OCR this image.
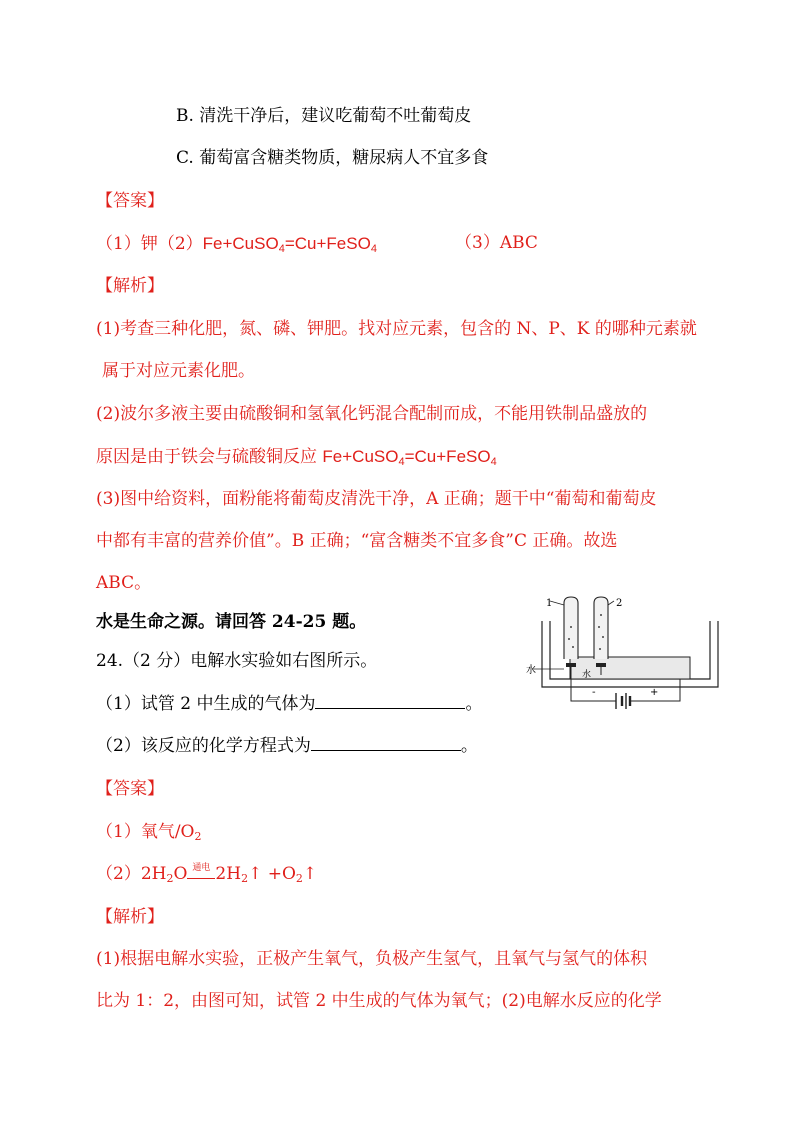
B. 清洗干净后，建议吃葡萄不吐葡萄皮
C. 葡萄富含糖类物质，糖尿病人不宜多食
【答案】
（1）钾（2）Fe+CuSO$_4$=Cu+FeSO$_4$	（3）ABC
【解析】
(1)考查三种化肥，氮、磷、钾肥。找对应元素，包含的 N、P、K 的哪种元素就
属于对应元素化肥。
(2)波尔多液主要由硫酸铜和氢氧化钙混合配制而成，不能用铁制品盛放的
原因是由于铁会与硫酸铜反应 Fe+CuSO$_4$=Cu+FeSO$_4$
(3)图中给资料，面粉能将葡萄皮清洗干净，A 正确；题干中“葡萄和葡萄皮
中都有丰富的营养价值”。B 正确；“富含糖类不宜多食”C 正确。故选
ABC。
水是生命之源。请回答 24-25 题。
24.（2 分）电解水实验如右图所示。
（1）试管 2 中生成的气体为	。
（2）该反应的化学方程式为	。
【答案】
（1）氧气$/O_2$
$(2)2H_2O$ 通电 $2H_2↑$ $+O_2↑$
【解析】
(1)根据电解水实验，正极产生氧气，负极产生氢气，且氧气与氢气的体积
比为 1：2，由图可知，试管 2 中生成的气体为氧气；(2)电解水反应的化学
1	2
水	水
-	+
